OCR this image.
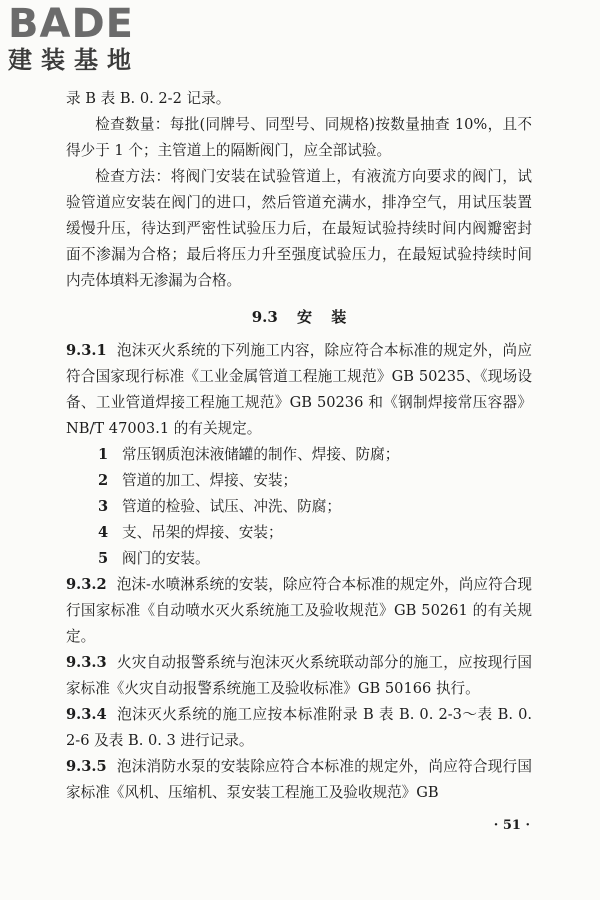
BADE
建装基地

录 B 表 B. 0. 2-2 记录。

检查数量：每批(同牌号、同型号、同规格)按数量抽查 10%，且不得少于 1 个；主管道上的隔断阀门，应全部试验。

检查方法：将阀门安装在试验管道上，有液流方向要求的阀门，试验管道应安装在阀门的进口，然后管道充满水，排净空气，用试压装置缓慢升压，待达到严密性试验压力后，在最短试验持续时间内阀瓣密封面不渗漏为合格；最后将压力升至强度试验压力，在最短试验持续时间内壳体填料无渗漏为合格。

9.3 安 装

9.3.1 泡沫灭火系统的下列施工内容，除应符合本标准的规定外，尚应符合国家现行标准《工业金属管道工程施工规范》GB 50235、《现场设备、工业管道焊接工程施工规范》GB 50236 和《钢制焊接常压容器》NB/T 47003.1 的有关规定。

1 常压钢质泡沫液储罐的制作、焊接、防腐；

2 管道的加工、焊接、安装；

3 管道的检验、试压、冲洗、防腐；

4 支、吊架的焊接、安装；

5 阀门的安装。

9.3.2 泡沫-水喷淋系统的安装，除应符合本标准的规定外，尚应符合现行国家标准《自动喷水灭火系统施工及验收规范》GB 50261 的有关规定。

9.3.3 火灾自动报警系统与泡沫灭火系统联动部分的施工，应按现行国家标准《火灾自动报警系统施工及验收标准》GB 50166 执行。

9.3.4 泡沫灭火系统的施工应按本标准附录 B 表 B. 0. 2-3～表 B. 0. 2-6 及表 B. 0. 3 进行记录。

9.3.5 泡沫消防水泵的安装除应符合本标准的规定外，尚应符合现行国家标准《风机、压缩机、泵安装工程施工及验收规范》GB

· 51 ·
